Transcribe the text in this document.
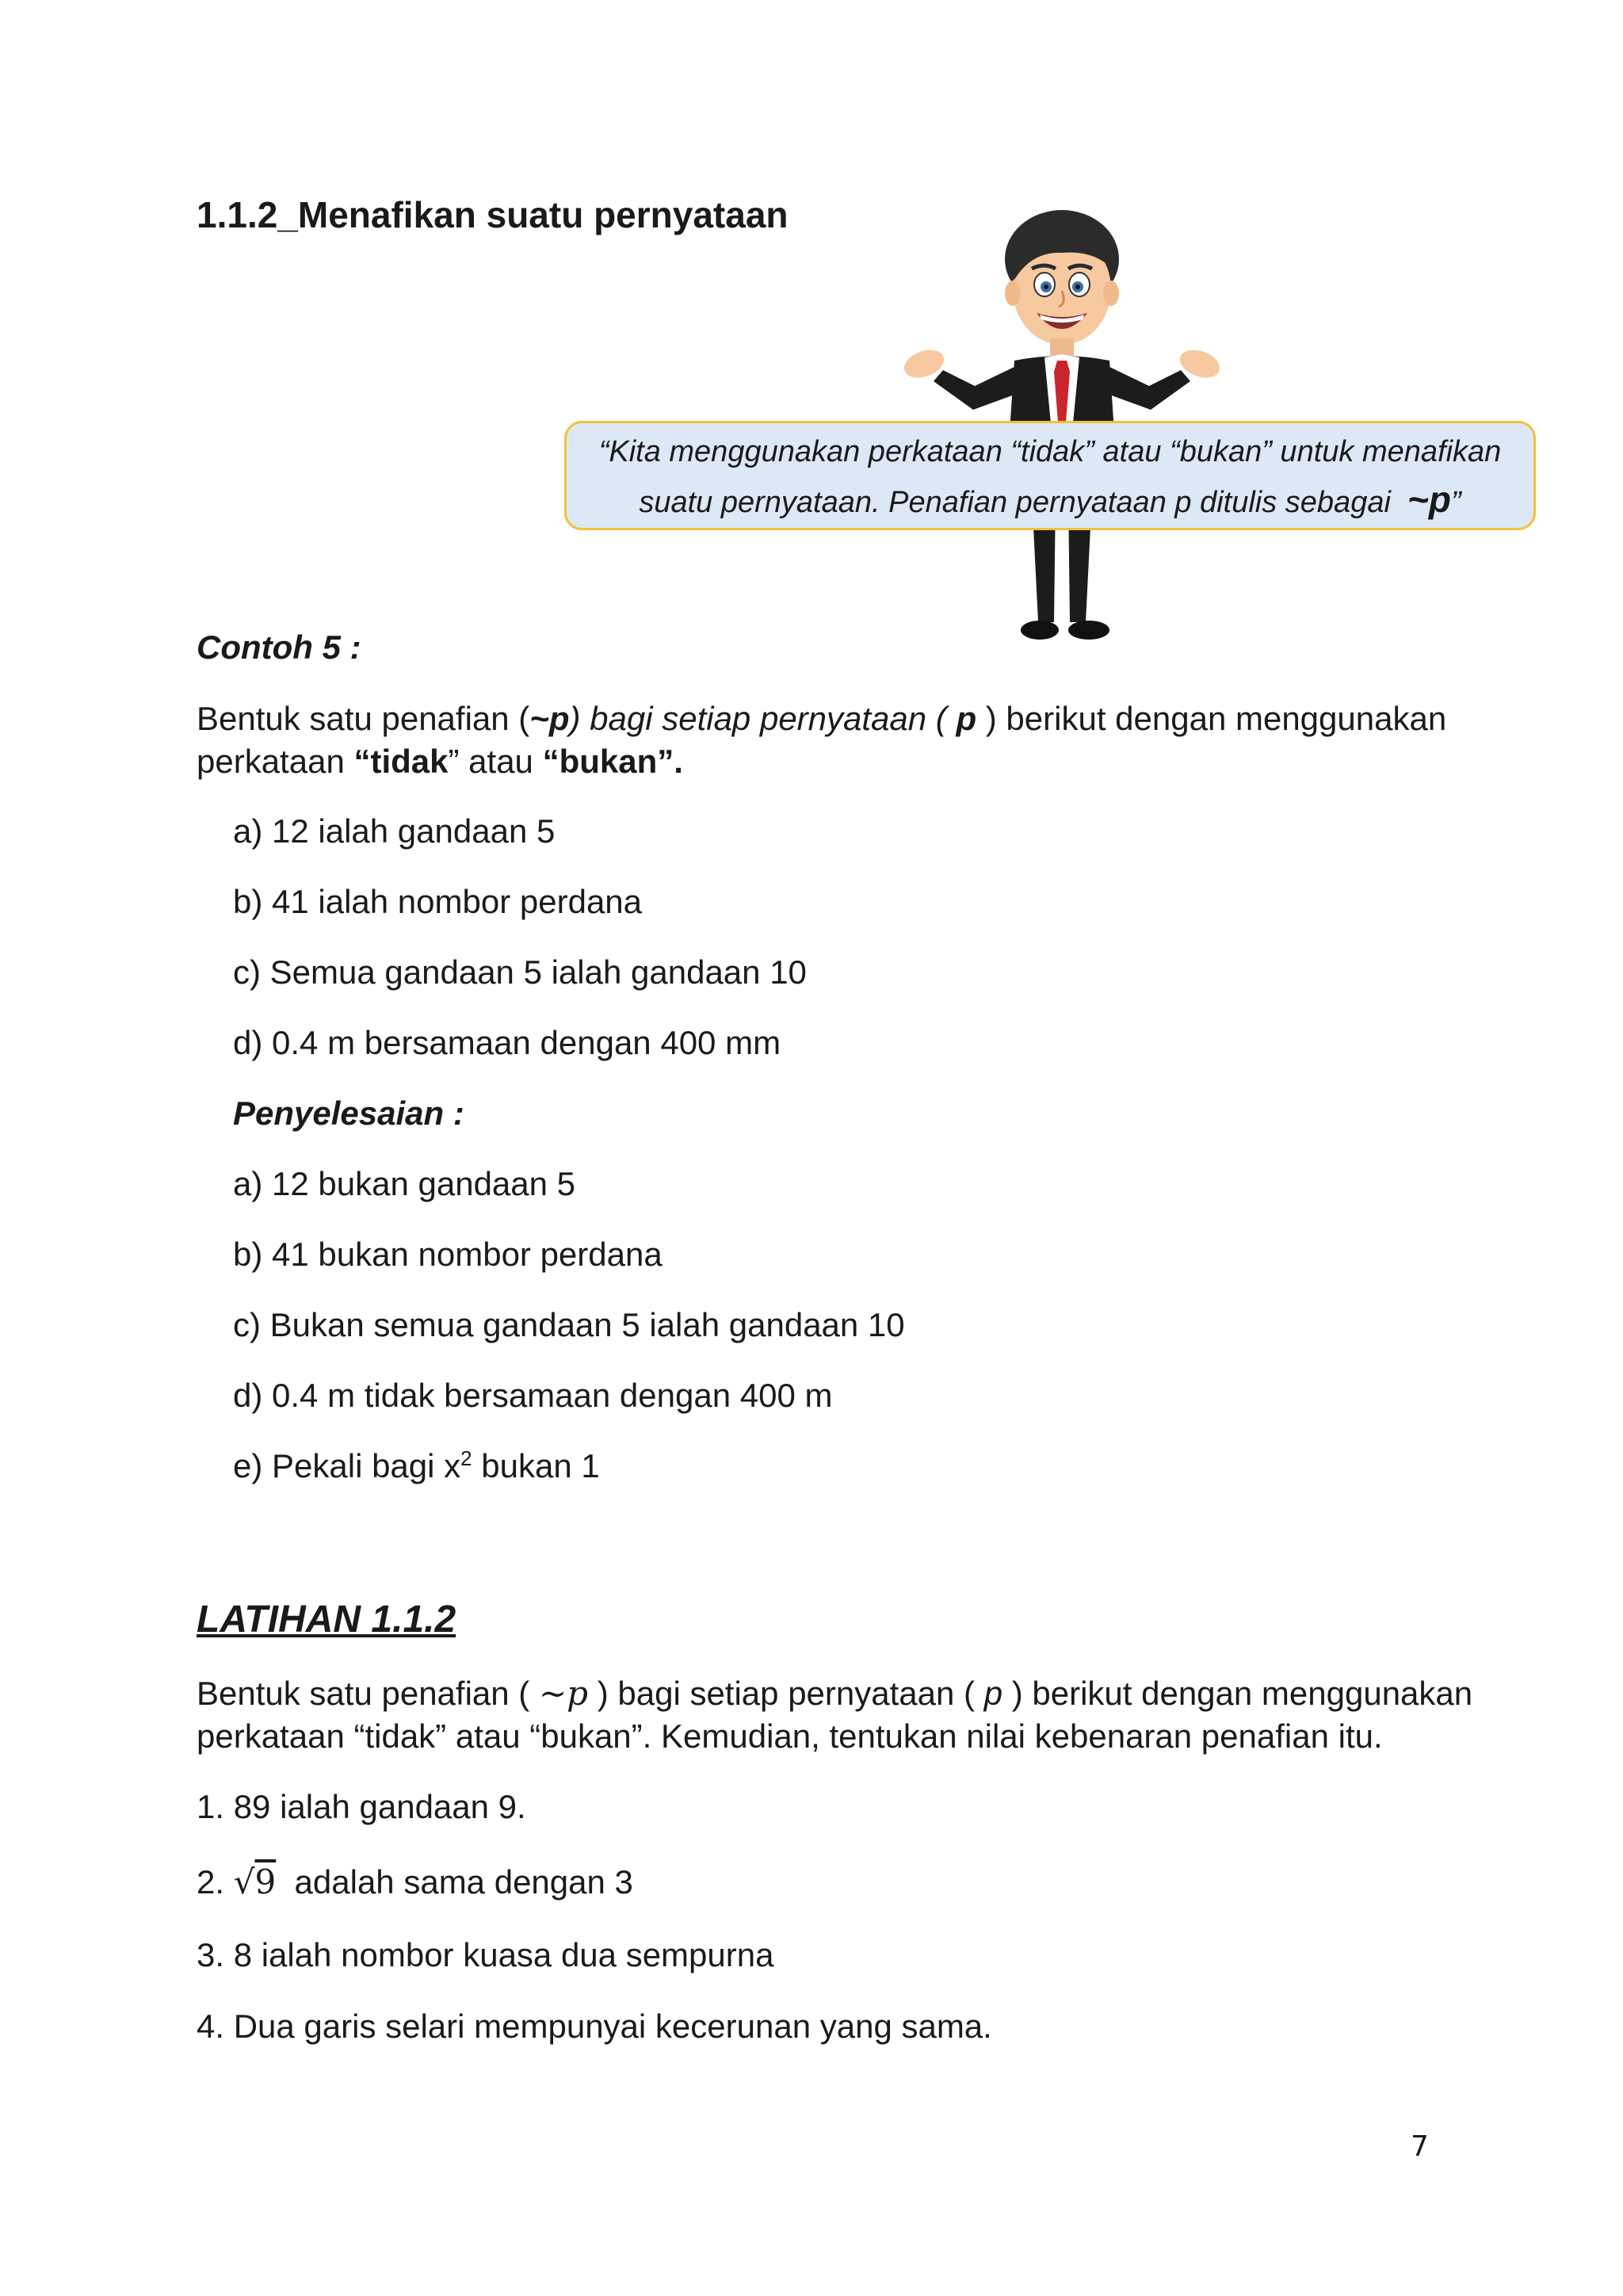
1.1.2_Menafikan suatu pernyataan
“Kita menggunakan perkataan “tidak” atau “bukan” untuk menafikan
suatu pernyataan. Penafian pernyataan p ditulis sebagai ~p”

Contoh 5 :

Bentuk satu penafian (~p) bagi setiap pernyataan ( p ) berikut dengan menggunakan

perkataan “tidak” atau “bukan”.

a) 12 ialah gandaan 5

b) 41 ialah nombor perdana

c) Semua gandaan 5 ialah gandaan 10

d) 0.4 m bersamaan dengan 400 mm

Penyelesaian :

a) 12 bukan gandaan 5

b) 41 bukan nombor perdana

c) Bukan semua gandaan 5 ialah gandaan 10

d) 0.4 m tidak bersamaan dengan 400 m

e) Pekali bagi $x^2$ bukan 1

LATIHAN 1.1.2

Bentuk satu penafian ( ~p ) bagi setiap pernyataan ( p ) berikut dengan menggunakan

perkataan “tidak” atau “bukan”. Kemudian, tentukan nilai kebenaran penafian itu.

1. 89 ialah gandaan 9.

2. √9  adalah sama dengan 3

3. 8 ialah nombor kuasa dua sempurna

4. Dua garis selari mempunyai kecerunan yang sama.

7
